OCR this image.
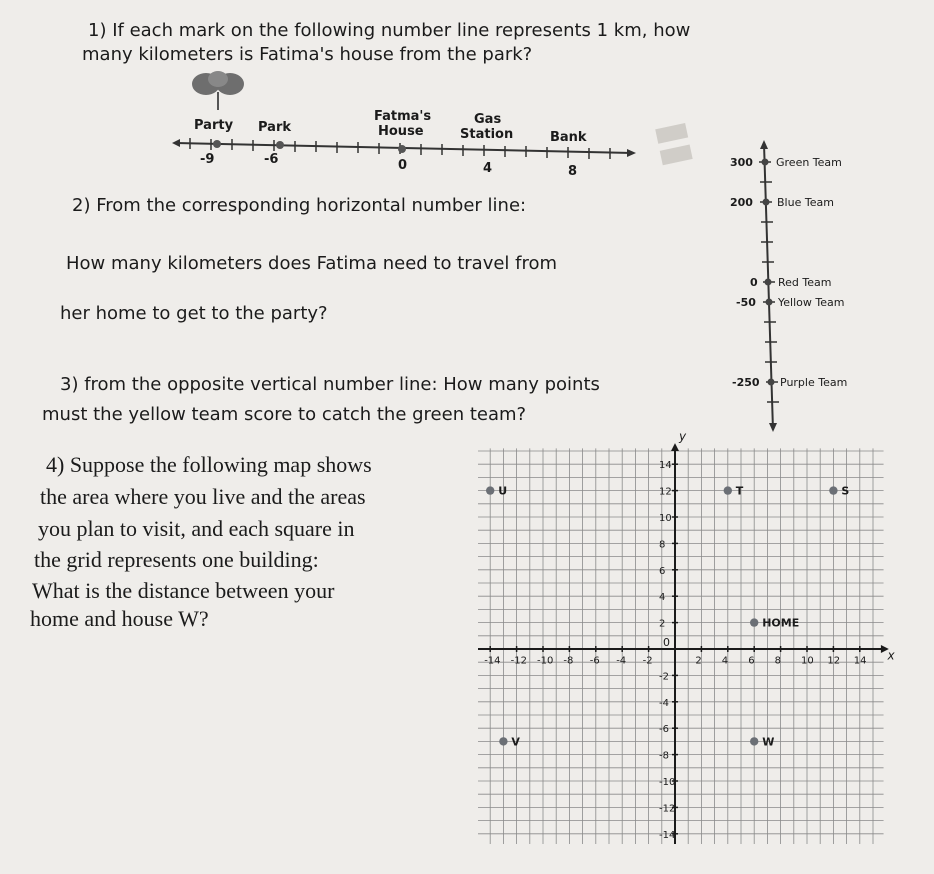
1) If each mark on the following number line represents 1 km, how

many kilometers is Fatima's house from the park?

Party Park
Fatma's
House
Gas
Station	Bank
-9	-6	0	4	8
▮▮

2) From the corresponding horizontal number line:

How many kilometers does Fatima need to travel from

her home to get to the party?

300 Green Team
200 Blue Team
0 Red Team
-50 Yellow Team
-250 Purple Team

3) from the opposite vertical number line: How many points

must the yellow team score to catch the green team?

4) Suppose the following map shows

the area where you live and the areas

you plan to visit, and each square in

the grid represents one building:

What is the distance between your

home and house W?

x
y
-14 -12 -10 -8 -6 -4 -2	2 4 6 8 10 12 14
14
12
10
8
6
4
2
-2
-4
-6
-8
-10
-12
-14
0
U	T	S
HOME
V	W
